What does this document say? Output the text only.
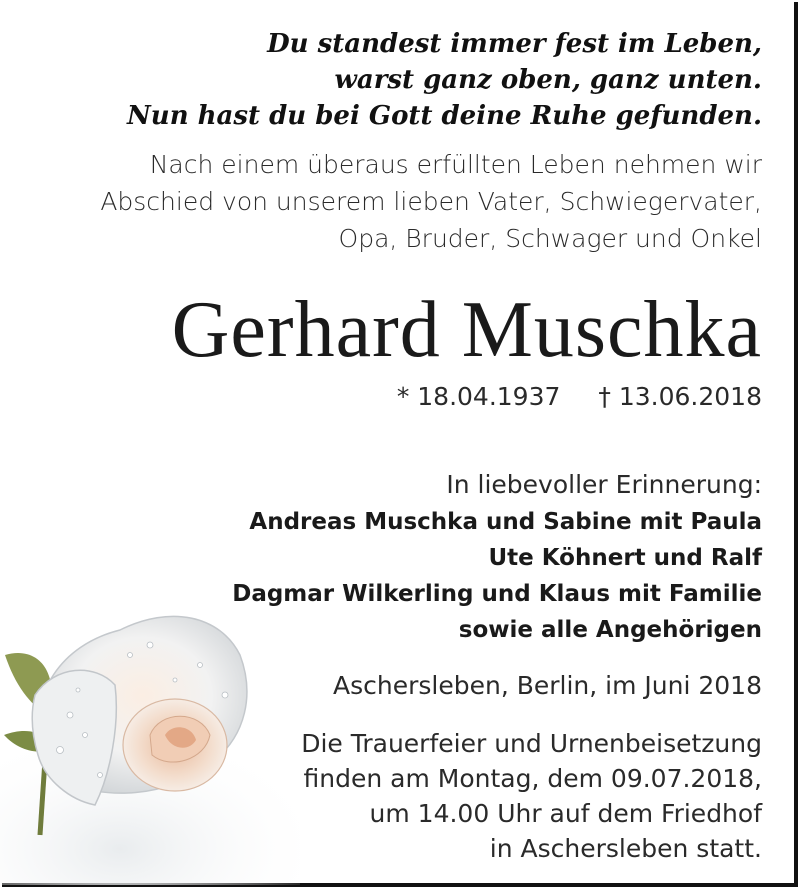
Du standest immer fest im Leben,
warst ganz oben, ganz unten.
Nun hast du bei Gott deine Ruhe gefunden.
Nach einem überaus erfüllten Leben nehmen wir
Abschied von unserem lieben Vater, Schwiegervater,
Opa, Bruder, Schwager und Onkel
Gerhard Muschka
* 18.04.1937 † 13.06.2018
In liebevoller Erinnerung:
Andreas Muschka und Sabine mit Paula
Ute Köhnert und Ralf
Dagmar Wilkerling und Klaus mit Familie
sowie alle Angehörigen
Aschersleben, Berlin, im Juni 2018
Die Trauerfeier und Urnenbeisetzung
finden am Montag, dem 09.07.2018,
um 14.00 Uhr auf dem Friedhof
in Aschersleben statt.
